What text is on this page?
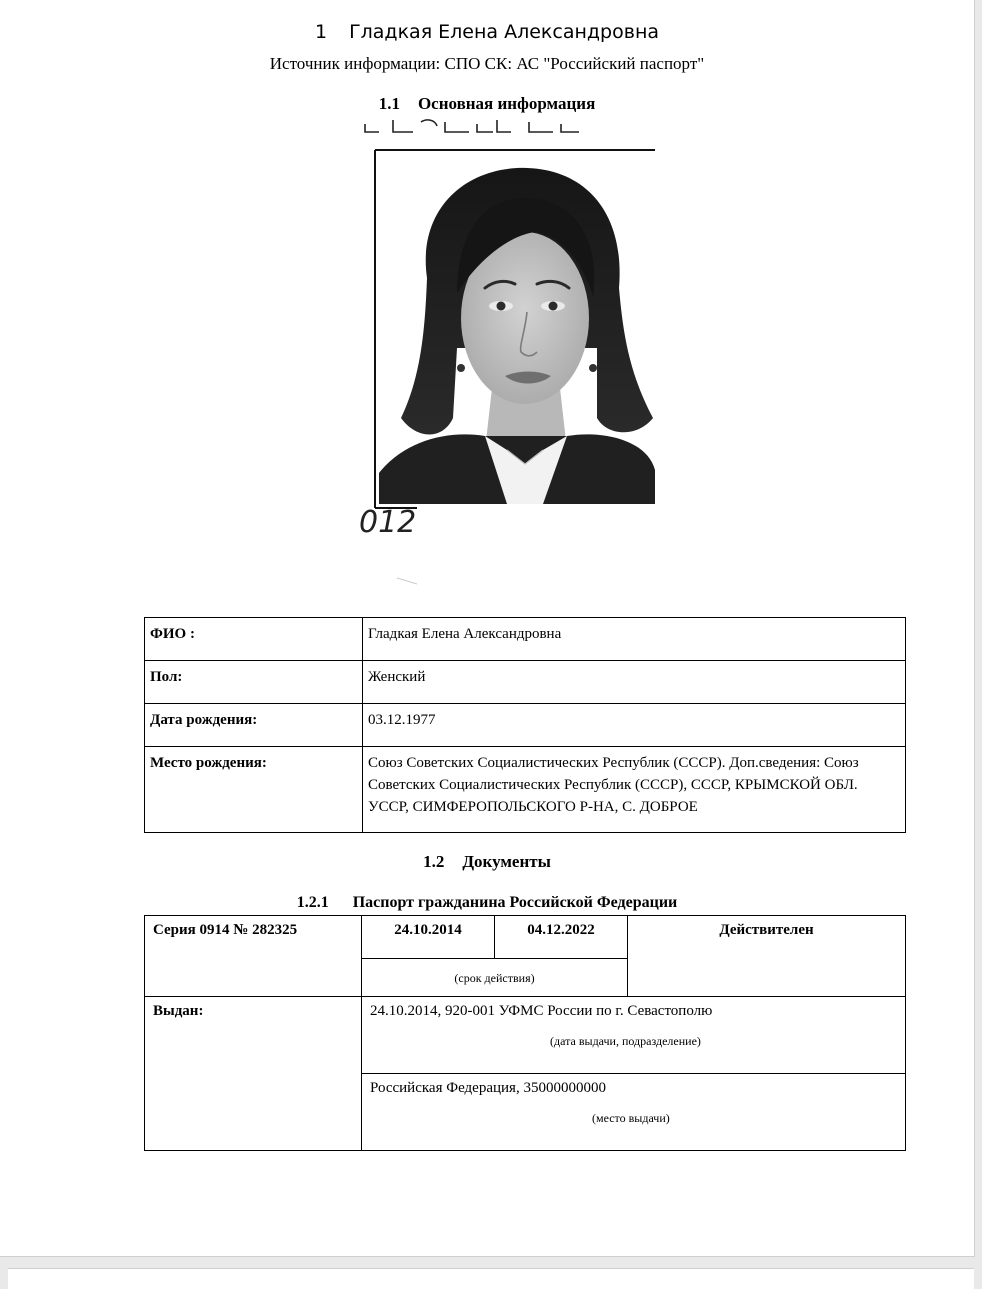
1 Гладкая Елена Александровна
Источник информации: СПО СК: АС "Российский паспорт"
1.1 Основная информация
012
ФИО :	Гладкая Елена Александровна
Пол:	Женский
Дата рождения:	03.12.1977
Место рождения:	Союз Советских Социалистических Республик (СССР). Доп.сведения: Союз Советских Социалистических Республик (СССР), СССР, КРЫМСКОЙ ОБЛ. УССР, СИМФЕРОПОЛЬСКОГО Р-НА, С. ДОБРОЕ
1.2 Документы
1.2.1 Паспорт гражданина Российской Федерации
Серия 0914 № 282325	24.10.2014	04.12.2022	Действителен
	(срок действия)		
Выдан:	24.10.2014, 920-001 УФМС России по г. Севастополю
(дата выдачи, подразделение)		

	Российская Федерация, 35000000000
(место выдачи)		
